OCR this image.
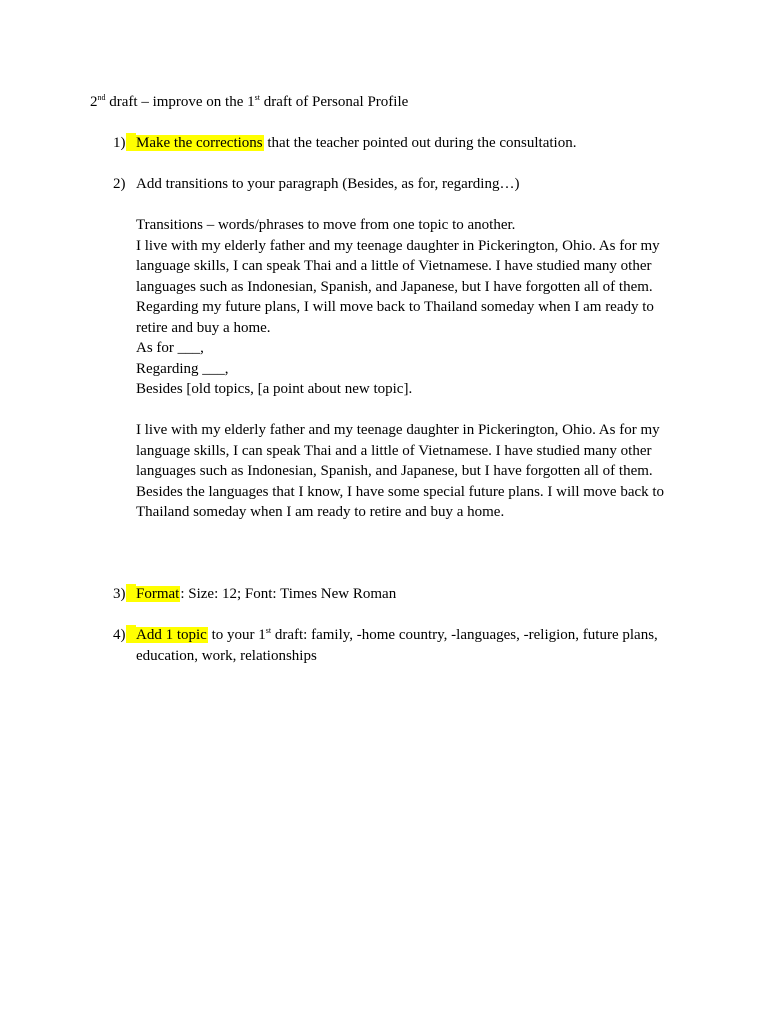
2nd draft – improve on the 1st draft of Personal Profile
1) Make the corrections that the teacher pointed out during the consultation.
2) Add transitions to your paragraph (Besides, as for, regarding…)

Transitions – words/phrases to move from one topic to another.

I live with my elderly father and my teenage daughter in Pickerington, Ohio. As for my language skills, I can speak Thai and a little of Vietnamese. I have studied many other languages such as Indonesian, Spanish, and Japanese, but I have forgotten all of them. Regarding my future plans, I will move back to Thailand someday when I am ready to retire and buy a home.

As for ___,

Regarding ___,

Besides [old topics, [a point about new topic].

I live with my elderly father and my teenage daughter in Pickerington, Ohio. As for my language skills, I can speak Thai and a little of Vietnamese. I have studied many other languages such as Indonesian, Spanish, and Japanese, but I have forgotten all of them. Besides the languages that I know, I have some special future plans. I will move back to Thailand someday when I am ready to retire and buy a home.

3) Format: Size: 12; Font: Times New Roman
4) Add 1 topic to your 1st draft: family, -home country, -languages, -religion, future plans, education, work, relationships
